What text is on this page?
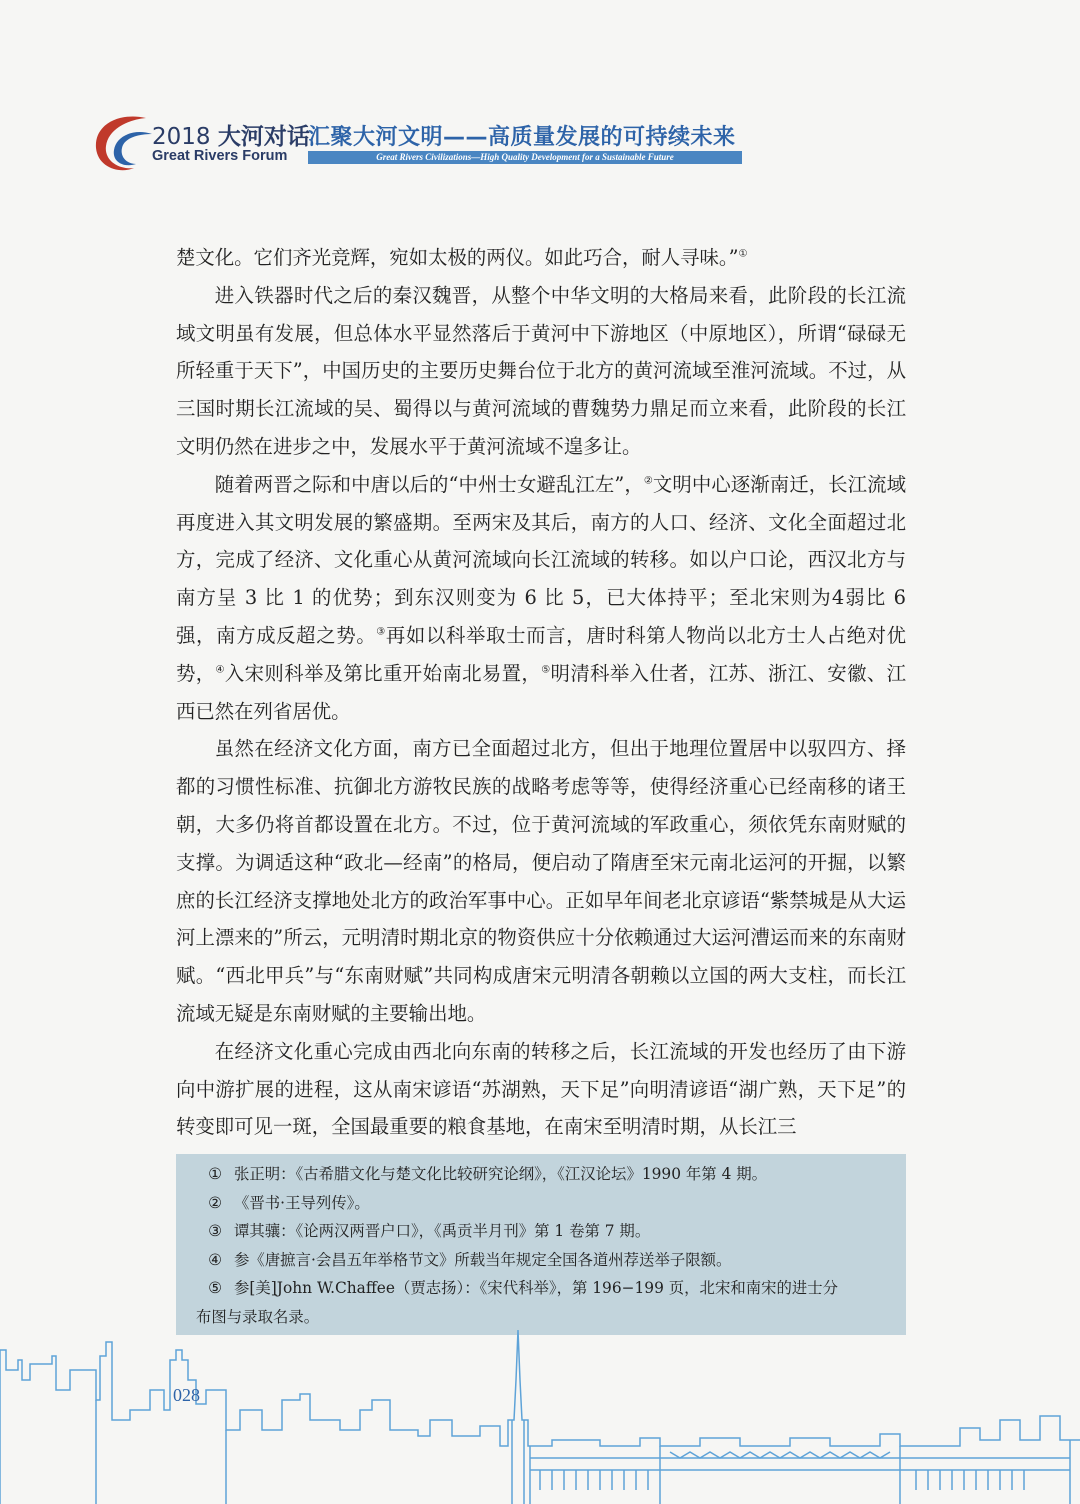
2018 大河对话
Great Rivers Forum
汇聚大河文明——高质量发展的可持续未来
Great Rivers Civilizations—High Quality Development for a Sustainable Future

楚文化。它们齐光竞辉，宛如太极的两仪。如此巧合，耐人寻味。”①

进入铁器时代之后的秦汉魏晋，从整个中华文明的大格局来看，此阶段的长江流域文明虽有发展，但总体水平显然落后于黄河中下游地区（中原地区），所谓“碌碌无所轻重于天下”，中国历史的主要历史舞台位于北方的黄河流域至淮河流域。不过，从三国时期长江流域的吴、蜀得以与黄河流域的曹魏势力鼎足而立来看，此阶段的长江文明仍然在进步之中，发展水平于黄河流域不遑多让。

随着两晋之际和中唐以后的“中州士女避乱江左”，②文明中心逐渐南迁，长江流域再度进入其文明发展的繁盛期。至两宋及其后，南方的人口、经济、文化全面超过北方，完成了经济、文化重心从黄河流域向长江流域的转移。如以户口论，西汉北方与南方呈 3 比 1 的优势；到东汉则变为 6 比 5，已大体持平；至北宋则为4弱比 6 强，南方成反超之势。③再如以科举取士而言，唐时科第人物尚以北方士人占绝对优势，④入宋则科举及第比重开始南北易置，⑤明清科举入仕者，江苏、浙江、安徽、江西已然在列省居优。

虽然在经济文化方面，南方已全面超过北方，但出于地理位置居中以驭四方、择都的习惯性标准、抗御北方游牧民族的战略考虑等等，使得经济重心已经南移的诸王朝，大多仍将首都设置在北方。不过，位于黄河流域的军政重心，须依凭东南财赋的支撑。为调适这种“政北—经南”的格局，便启动了隋唐至宋元南北运河的开掘，以繁庶的长江经济支撑地处北方的政治军事中心。正如早年间老北京谚语“紫禁城是从大运河上漂来的”所云，元明清时期北京的物资供应十分依赖通过大运河漕运而来的东南财赋。“西北甲兵”与“东南财赋”共同构成唐宋元明清各朝赖以立国的两大支柱，而长江流域无疑是东南财赋的主要输出地。

在经济文化重心完成由西北向东南的转移之后，长江流域的开发也经历了由下游向中游扩展的进程，这从南宋谚语“苏湖熟，天下足”向明清谚语“湖广熟，天下足”的转变即可见一斑，全国最重要的粮食基地，在南宋至明清时期，从长江三

① 张正明：《古希腊文化与楚文化比较研究论纲》，《江汉论坛》1990 年第 4 期。
② 《晋书·王导列传》。
③ 谭其骧：《论两汉两晋户口》，《禹贡半月刊》第 1 卷第 7 期。
④ 参《唐摭言·会昌五年举格节文》所载当年规定全国各道州荐送举子限额。
⑤ 参[美]John W.Chaffee（贾志扬）：《宋代科举》，第 196−199 页，北宋和南宋的进士分
布图与录取名录。
028
